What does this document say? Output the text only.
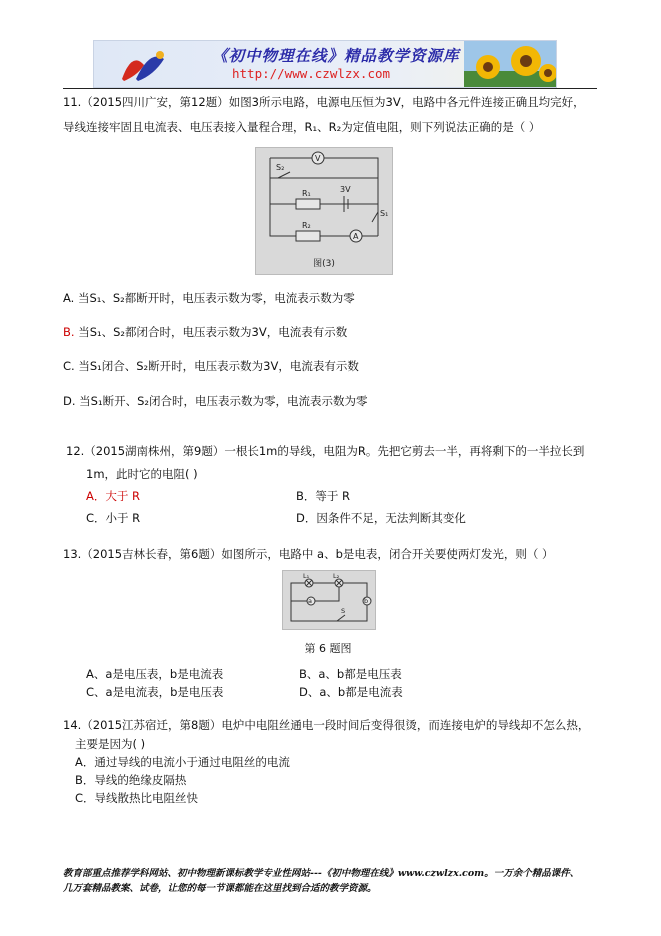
《初中物理在线》精品教学资源库
http://www.czwlzx.com
11.（2015四川广安，第12题）如图3所示电路，电源电压恒为3V，电路中各元件连接正确且均完好，
导线连接牢固且电流表、电压表接入量程合理，R₁、R₂为定值电阻，则下列说法正确的是（ ）
V
A
R₁
R₂
3V
S₂
S₁
图(3)
A. 当S₁、S₂都断开时，电压表示数为零，电流表示数为零
B. 当S₁、S₂都闭合时，电压表示数为3V，电流表有示数
C. 当S₁闭合、S₂断开时，电压表示数为3V，电流表有示数
D. 当S₁断开、S₂闭合时，电压表示数为零，电流表示数为零
12.（2015湖南株州，第9题）一根长1m的导线，电阻为R。先把它剪去一半，再将剩下的一半拉长到
1m，此时它的电阻( )
A．大于 R	B．等于 R
C．小于 R	D．因条件不足，无法判断其变化
13.（2015吉林长春，第6题）如图所示，电路中 a、b是电表，闭合开关要使两灯发光，则（ ）
L₁	L₂
a	b
S
第 6 题图
A、a是电压表，b是电流表	B、a、b都是电压表
C、a是电流表，b是电压表	D、a、b都是电流表
14.（2015江苏宿迁，第8题）电炉中电阻丝通电一段时间后变得很烫，而连接电炉的导线却不怎么热，
主要是因为( )
A．通过导线的电流小于通过电阻丝的电流
B．导线的绝缘皮隔热
C．导线散热比电阻丝快
教育部重点推荐学科网站、初中物理新课标教学专业性网站---《初中物理在线》www.czwlzx.com。一万余个精品课件、
几万套精品教案、试卷，让您的每一节课都能在这里找到合适的教学资源。
